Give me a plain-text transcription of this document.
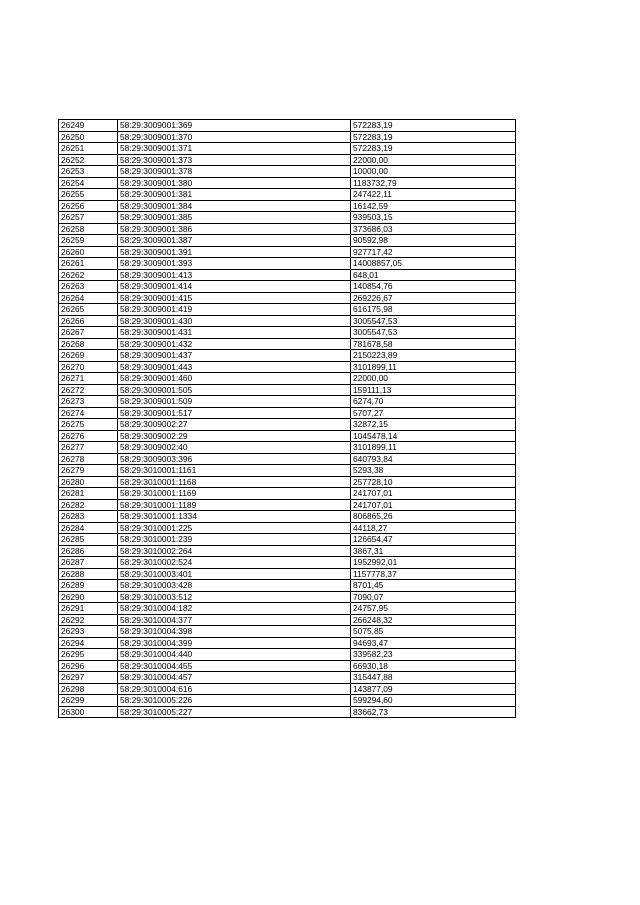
26249	58:29:3009001:369	572283,19
26250	58:29:3009001:370	572283,19
26251	58:29:3009001:371	572283,19
26252	58:29:3009001:373	22000,00
26253	58:29:3009001:378	10000,00
26254	58:29:3009001:380	1183732,79
26255	58:29:3009001:381	247422,11
26256	58:29:3009001:384	16142,59
26257	58:29:3009001:385	939503,15
26258	58:29:3009001:386	373686,03
26259	58:29:3009001:387	90592,98
26260	58:29:3009001:391	927717,42
26261	58:29:3009001:393	14008857,05
26262	58:29:3009001:413	648,01
26263	58:29:3009001:414	140854,76
26264	58:29:3009001:415	269226,67
26265	58:29:3009001:419	616175,98
26266	58:29:3009001:430	3005547,53
26267	58:29:3009001:431	3005547,53
26268	58:29:3009001:432	781678,58
26269	58:29:3009001:437	2150223,89
26270	58:29:3009001:443	3101899,11
26271	58:29:3009001:460	22000,00
26272	58:29:3009001:505	159111,13
26273	58:29:3009001:509	6274,70
26274	58:29:3009001:517	5707,27
26275	58:29:3009002:27	32872,15
26276	58:29:3009002:29	1045478,14
26277	58:29:3009002:40	3101899,11
26278	58:29:3009003:396	640793,84
26279	58:29:3010001:1161	5293,38
26280	58:29:3010001:1168	257728,10
26281	58:29:3010001:1169	241707,01
26282	58:29:3010001:1189	241707,01
26283	58:29:3010001:1334	806865,26
26284	58:29:3010001:225	44118,27
26285	58:29:3010001:239	126654,47
26286	58:29:3010002:264	3867,31
26287	58:29:3010002:524	1952992,01
26288	58:29:3010003:401	1157778,37
26289	58:29:3010003:428	8701,45
26290	58:29:3010003:512	7090,07
26291	58:29:3010004:182	24757,95
26292	58:29:3010004:377	266248,32
26293	58:29:3010004:398	5075,85
26294	58:29:3010004:399	94693,47
26295	58:29:3010004:440	339582,23
26296	58:29:3010004:455	66930,18
26297	58:29:3010004:457	315447,88
26298	58:29:3010004:616	143877,09
26299	58:29:3010005:226	599294,60
26300	58:29:3010005:227	83662,73
